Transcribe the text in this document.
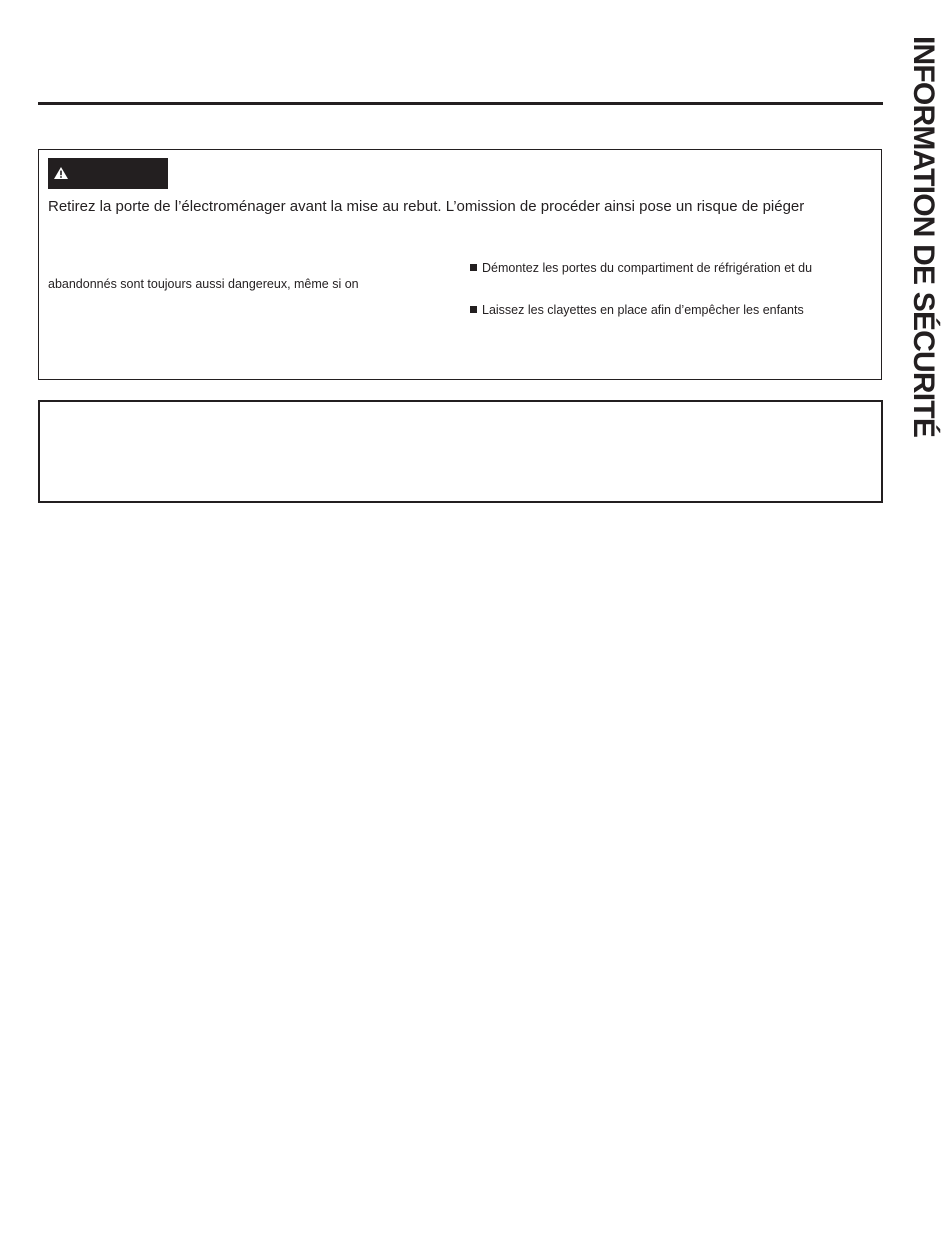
Retirez la porte de l’électroménager avant la mise au rebut. L’omission de procéder ainsi pose un risque de piéger

abandonnés sont toujours aussi dangereux, même si on

Démontez les portes du compartiment de réfrigération et du

Laissez les clayettes en place afin d’empêcher les enfants	INFORMATION DE SÉCURITÉ
